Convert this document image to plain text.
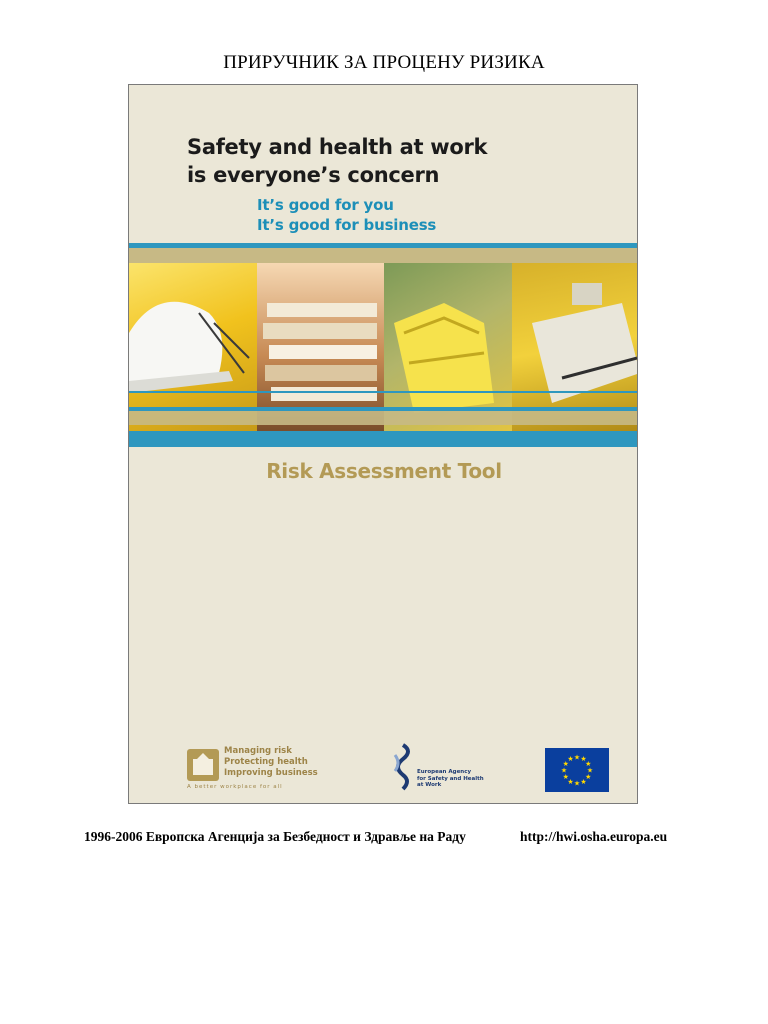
ПРИРУЧНИК ЗА ПРОЦЕНУ РИЗИКА
Safety and health at work
is everyone’s concern
It’s good for you
It’s good for business
Risk Assessment Tool
Managing risk
Protecting health
Improving business
A better workplace for all
European Agency
for Safety and Health
at Work
★ ★
★
★
★
★
★
★
★
★
★
★
1996-2006 Европска Агенција за Безбедност и Здравље на Раду	http://hwi.osha.europa.eu
